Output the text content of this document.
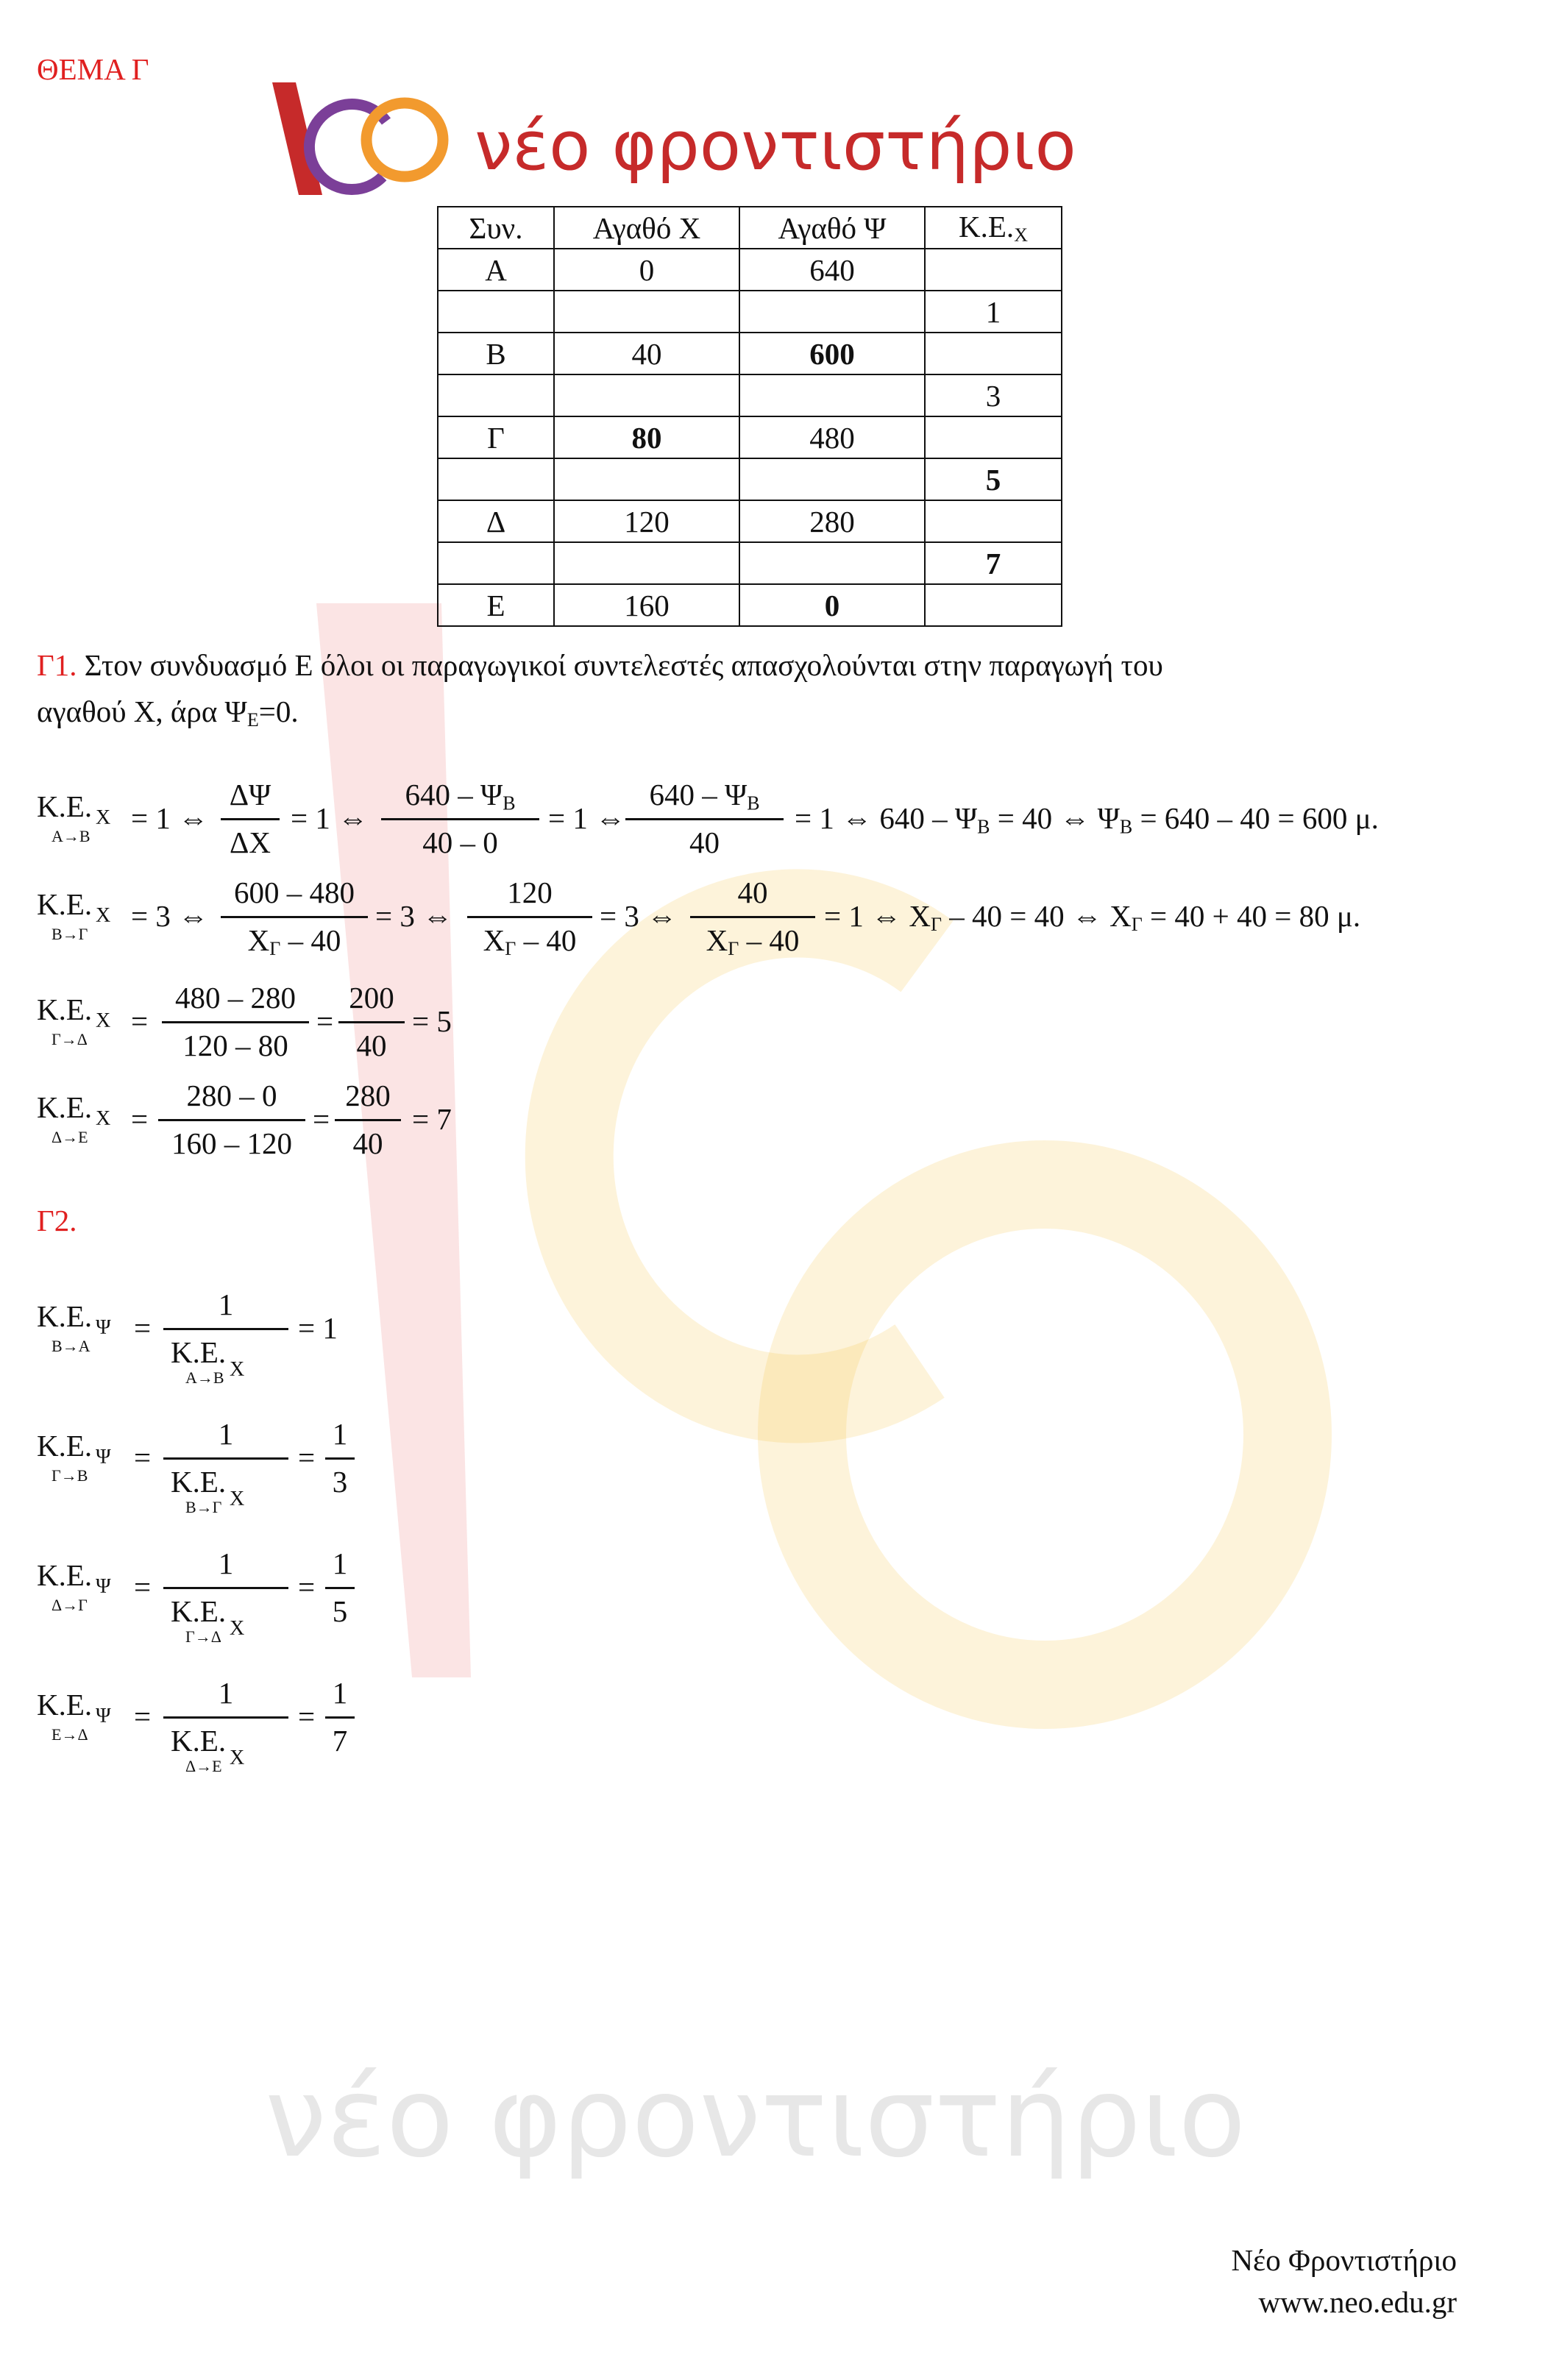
νέο φροντιστήριο
ΘΕΜΑ Γ
νέο φροντιστήριο
Συν.	Αγαθό Χ	Αγαθό Ψ	$K.E._X$
Α	0	640	
			1
Β	40	600	
			3
Γ	80	480	
			5
Δ	120	280	
			7
Ε	160	0	
Γ1. Στον συνδυασμό Ε όλοι οι παραγωγικοί συντελεστές απασχολούνται στην παραγωγή του
αγαθού Χ, άρα $\Psi_E=0$.
Κ.Ε. Χ
Α→Β
= 1 ⇔
ΔΨ
ΔΧ
= 1 ⇔
$640 - \Psi_B$
40 – 0
= 1 ⇔
$640 - \Psi_B$
40
= 1 ⇔ $640 - \Psi_B = 40$ ⇔ $\Psi_B = 640 - 40 = 600$ μ.
Κ.Ε. Χ
Β→Γ
= 3 ⇔
600 – 480
$X_\Gamma - 40$
= 3 ⇔
120
$X_\Gamma - 40$
= 3 ⇔
40
$X_\Gamma - 40$
= 1 ⇔ $X_\Gamma - 40 = 40$ ⇔ $X_\Gamma = 40 + 40 = 80$ μ.
Κ.Ε. Χ
Γ→Δ
=
480 – 280
120 – 80
=
200
40
= 5
Κ.Ε. Χ
Δ→Ε
=
280 – 0
160 – 120
=
280
40
= 7
Γ2.
Κ.Ε. Ψ
Β→Α
=
1
Κ.Ε.
Χ
Α→Β
= 1
Κ.Ε. Ψ
Γ→Β
=
1
Κ.Ε.
Χ
Β→Γ
=
1
3
Κ.Ε. Ψ
Δ→Γ
=
1
Κ.Ε.
Χ
Γ→Δ
=
1
5
Κ.Ε. Ψ
Ε→Δ
=
1
Κ.Ε.
Χ
Δ→Ε
=
1
7
Νέο Φροντιστήριο
www.neo.edu.gr
